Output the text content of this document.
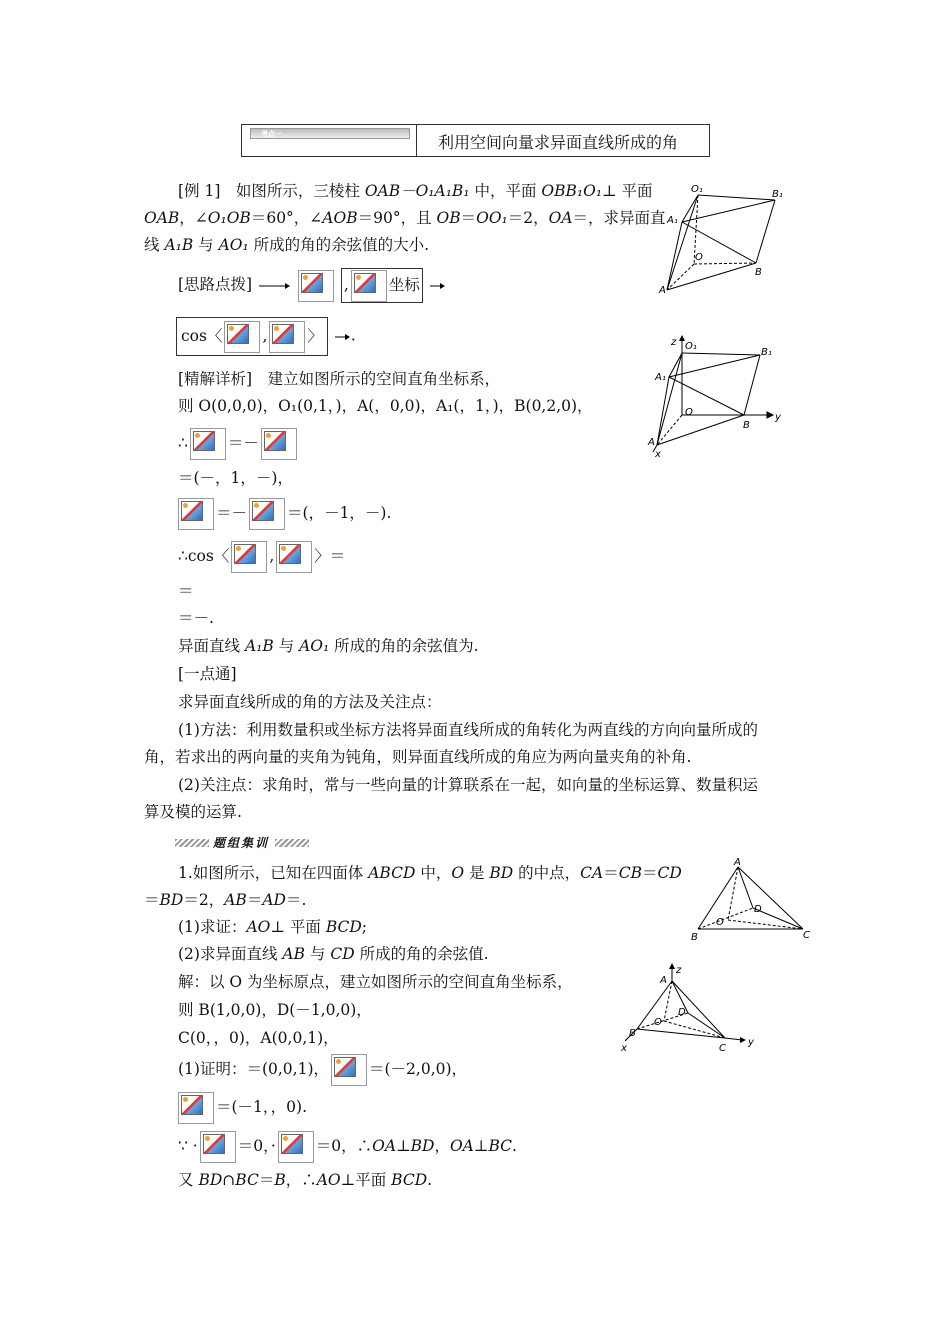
考点一	利用空间向量求异面直线所成的角
[例 1]　如图所示，三棱柱 OAB－O₁A₁B₁ 中，平面 OBB₁O₁⊥ 平面
OAB，∠O₁OB＝60°，∠AOB＝90°，且 OB＝OO₁＝2，OA＝，求异面直
线 A₁B 与 AO₁ 所成的角的余弦值的大小.
[思路点拨]	,	坐标
cos〈	,	〉 .
[精解详析]　建立如图所示的空间直角坐标系，
则 O(0,0,0)，O₁(0,1，)，A(，0,0)，A₁(，1，)，B(0,2,0)，
∴	＝－
＝(－，1，－)，
＝－	＝(，－1，－).
∴cos〈	,	〉＝
＝
＝－.
异面直线 A₁B 与 AO₁ 所成的角的余弦值为.
[一点通]
求异面直线所成的角的方法及关注点：
(1)方法：利用数量积或坐标方法将异面直线所成的角转化为两直线的方向向量所成的
角，若求出的两向量的夹角为钝角，则异面直线所成的角应为两向量夹角的补角.
(2)关注点：求角时，常与一些向量的计算联系在一起，如向量的坐标运算、数量积运
算及模的运算.
题组集训
1.如图所示，已知在四面体 ABCD 中，O 是 BD 的中点，CA＝CB＝CD
＝BD＝2，AB＝AD＝.
(1)求证：AO⊥ 平面 BCD;
(2)求异面直线 AB 与 CD 所成的角的余弦值.
解：以 O 为坐标原点，建立如图所示的空间直角坐标系，
则 B(1,0,0)，D(－1,0,0)，
C(0，，0)，A(0,0,1)，
(1)证明：＝(0,0,1)，	＝(－2,0,0)，
＝(－1，，0).
∵ ·	＝0，·	＝0，∴OA⊥BD，OA⊥BC.
又 BD∩BC＝B，∴AO⊥平面 BCD.
O₁	B₁
A₁
O
B
A
z O₁
B₁
A₁
O
B
A
y
x
A
D
O
B	C
z
A
D
O
B
C
x
y
